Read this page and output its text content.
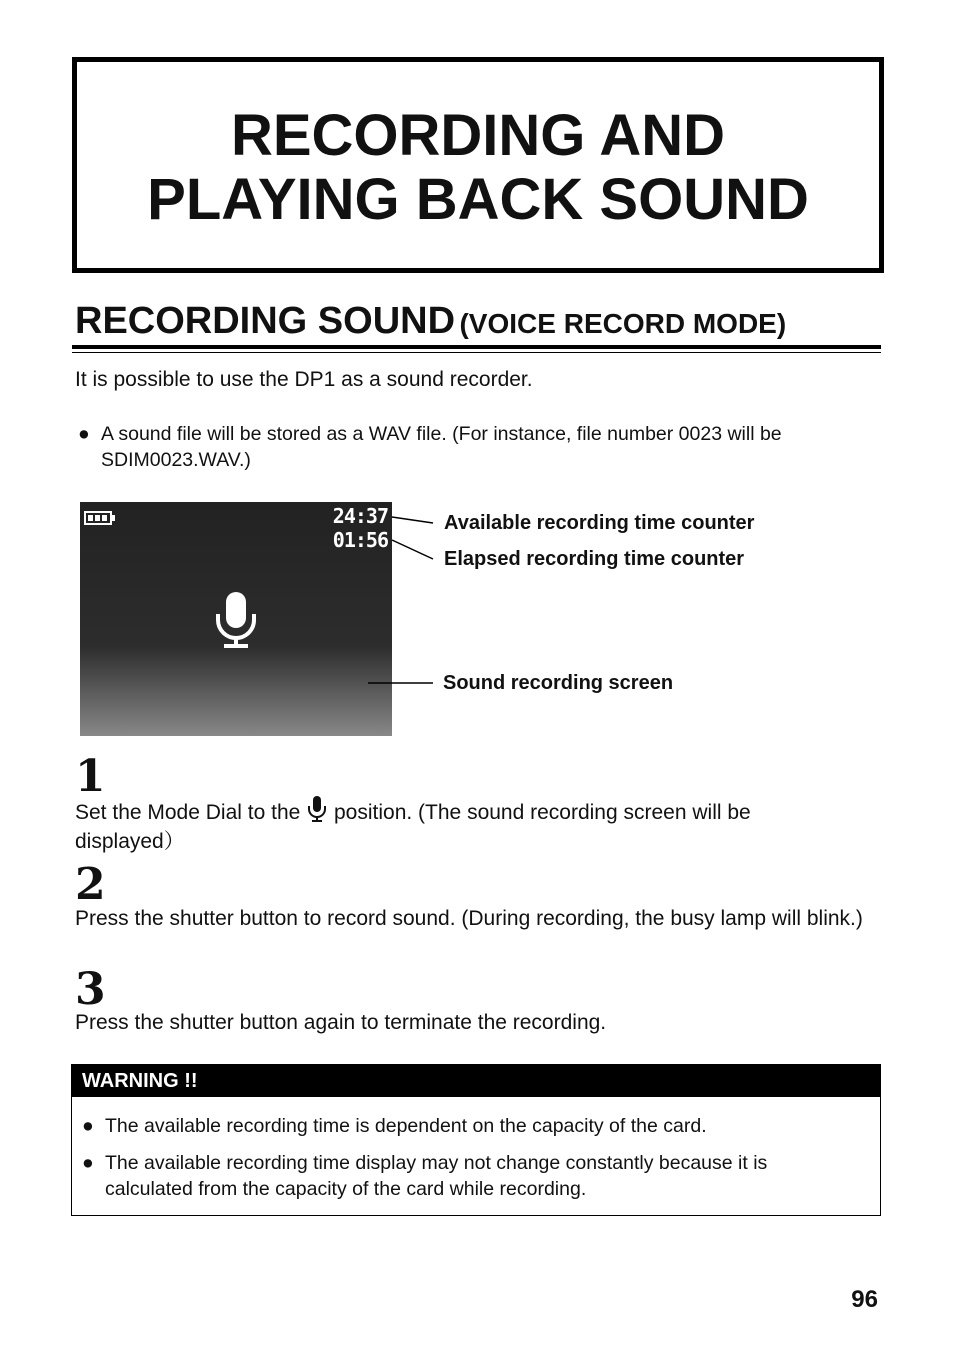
RECORDING AND
PLAYING BACK SOUND
RECORDING SOUND (VOICE RECORD MODE)
It is possible to use the DP1 as a sound recorder.
● A sound file will be stored as a WAV file. (For instance, file number 0023 will be
SDIM0023.WAV.)
24:37
01:56
Available recording time counter
Elapsed recording time counter
Sound recording screen
1
Set the Mode Dial to the position. (The sound recording screen will be
displayed）
2
Press the shutter button to record sound. (During recording, the busy lamp will blink.)
3
Press the shutter button again to terminate the recording.
WARNING !!
● The available recording time is dependent on the capacity of the card.
● The available recording time display may not change constantly because it is
calculated from the capacity of the card while recording.
96
